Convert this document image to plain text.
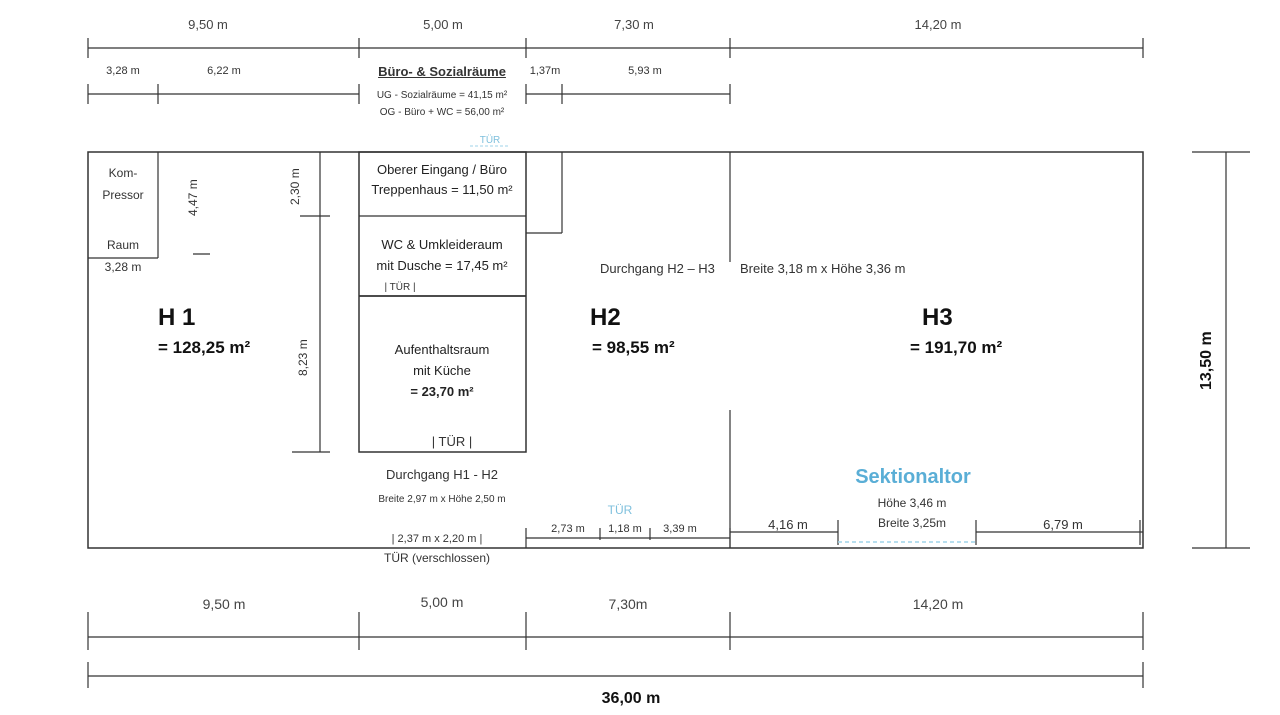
9,50 m	5,00 m	7,30 m	14,20 m
3,28 m	6,22 m	1,37m	5,93 m
Büro- & Sozialräume
UG - Sozialräume = 41,15 m²
OG - Büro + WC = 56,00 m²
TÜR
Kom-
Pressor
Raum
3,28 m
4,47 m	2,30 m
8,23 m
Oberer Eingang / Büro
Treppenhaus = 11,50 m²
WC & Umkleideraum
mit Dusche = 17,45 m²
| TÜR |
Aufenthaltsraum
mit Küche
= 23,70 m²
| TÜR |
H 1
= 128,25 m²
H2
= 98,55 m²
H3
= 191,70 m²
Durchgang H2 – H3 Breite 3,18 m x Höhe 3,36 m
Durchgang H1 - H2
Breite 2,97 m x Höhe 2,50 m
| 2,37 m x 2,20 m |
TÜR (verschlossen)
TÜR
2,73 m 1,18 m 3,39 m
Sektionaltor
Höhe 3,46 m
Breite 3,25m
4,16 m	6,79 m
13,50 m
9,50 m	5,00 m	7,30m	14,20 m
36,00 m
